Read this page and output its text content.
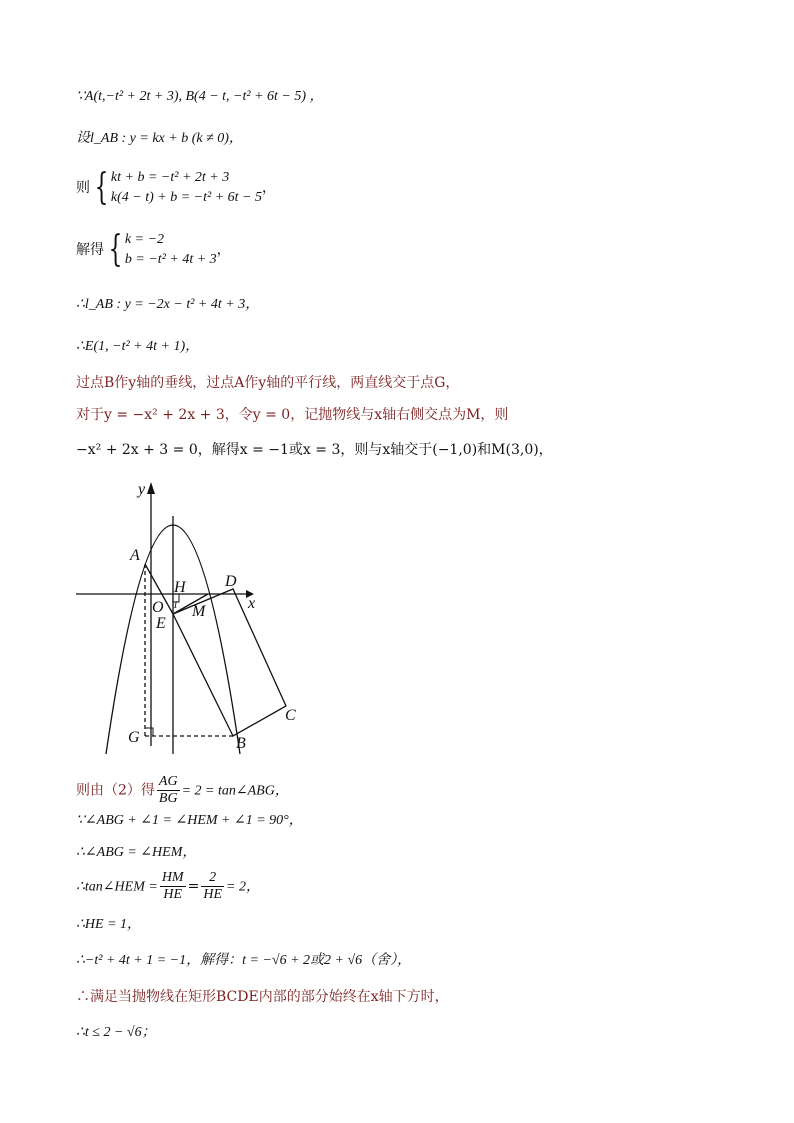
∵A(t,−t² + 2t + 3), B(4 − t, −t² + 6t − 5) ，
设l_AB : y = kx + b (k ≠ 0)，
则 { kt + b = −t² + 2t + 3
k(4 − t) + b = −t² + 6t − 5
，
解得 { k = −2
b = −t² + 4t + 3
，
∴l_AB : y = −2x − t² + 4t + 3，
∴E(1, −t² + 4t + 1)，
过点B作y轴的垂线，过点A作y轴的平行线，两直线交于点G，
对于y = −x² + 2x + 3，令y = 0，记抛物线与x轴右侧交点为M，则
−x² + 2x + 3 = 0，解得x = −1或x = 3，则与x轴交于(−1,0)和M(3,0)，
y
x
A
H D
O M
E
C
G	B
1
则由（2）得 $\frac{AG}{BG} = 2$ = tan∠ABG，
∵∠ABG + ∠1 = ∠HEM + ∠1 = 90°，
∴∠ABG = ∠HEM，
∴tan∠HEM = $\frac{HM}{HE} = \frac{2}{HE} = 2$，
∴HE = 1，
∴−t² + 4t + 1 = −1，解得：t = −√6 + 2或2 + √6（舍），
∴满足当抛物线在矩形BCDE内部的部分始终在x轴下方时，
∴t ≤ 2 − √6；
